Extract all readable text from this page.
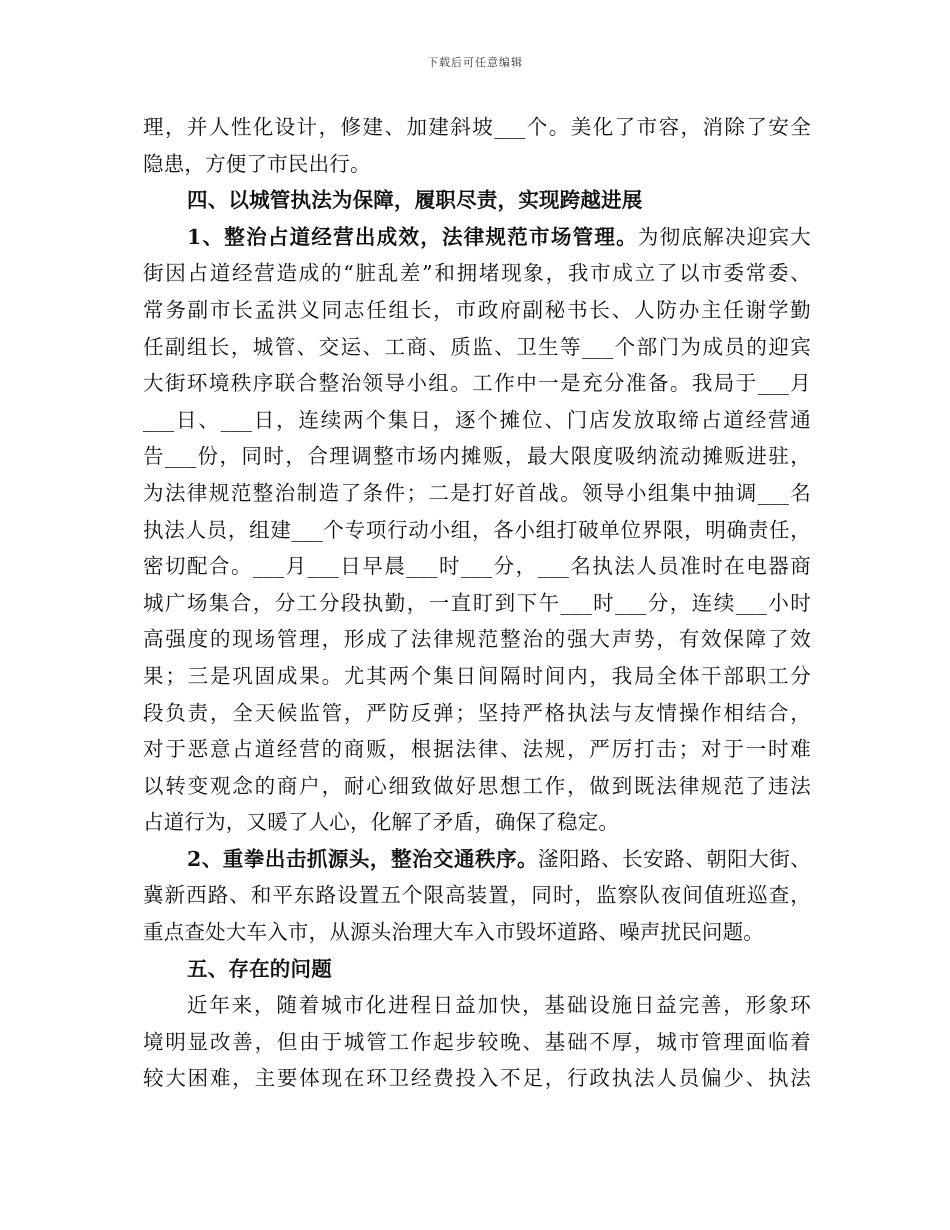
下载后可任意编辑
理，并人性化设计，修建、加建斜坡___个。美化了市容，消除了安全
隐患，方便了市民出行。
四、以城管执法为保障，履职尽责，实现跨越进展
1、整治占道经营出成效，法律规范市场管理。为彻底解决迎宾大
街因占道经营造成的“脏乱差”和拥堵现象，我市成立了以市委常委、
常务副市长孟洪义同志任组长，市政府副秘书长、人防办主任谢学勤
任副组长，城管、交运、工商、质监、卫生等___个部门为成员的迎宾
大街环境秩序联合整治领导小组。工作中一是充分准备。我局于___月
___日、___日，连续两个集日，逐个摊位、门店发放取缔占道经营通
告___份，同时，合理调整市场内摊贩，最大限度吸纳流动摊贩进驻，
为法律规范整治制造了条件；二是打好首战。领导小组集中抽调___名
执法人员，组建___个专项行动小组，各小组打破单位界限，明确责任，
密切配合。___月___日早晨___时___分，___名执法人员准时在电器商
城广场集合，分工分段执勤，一直盯到下午___时___分，连续___小时
高强度的现场管理，形成了法律规范整治的强大声势，有效保障了效
果；三是巩固成果。尤其两个集日间隔时间内，我局全体干部职工分
段负责，全天候监管，严防反弹；坚持严格执法与友情操作相结合，
对于恶意占道经营的商贩，根据法律、法规，严厉打击；对于一时难
以转变观念的商户，耐心细致做好思想工作，做到既法律规范了违法
占道行为，又暖了人心，化解了矛盾，确保了稳定。
2、重拳出击抓源头，整治交通秩序。滏阳路、长安路、朝阳大街、
冀新西路、和平东路设置五个限高装置，同时，监察队夜间值班巡查，
重点查处大车入市，从源头治理大车入市毁坏道路、噪声扰民问题。
五、存在的问题
近年来，随着城市化进程日益加快，基础设施日益完善，形象环
境明显改善，但由于城管工作起步较晚、基础不厚，城市管理面临着
较大困难，主要体现在环卫经费投入不足，行政执法人员偏少、执法
